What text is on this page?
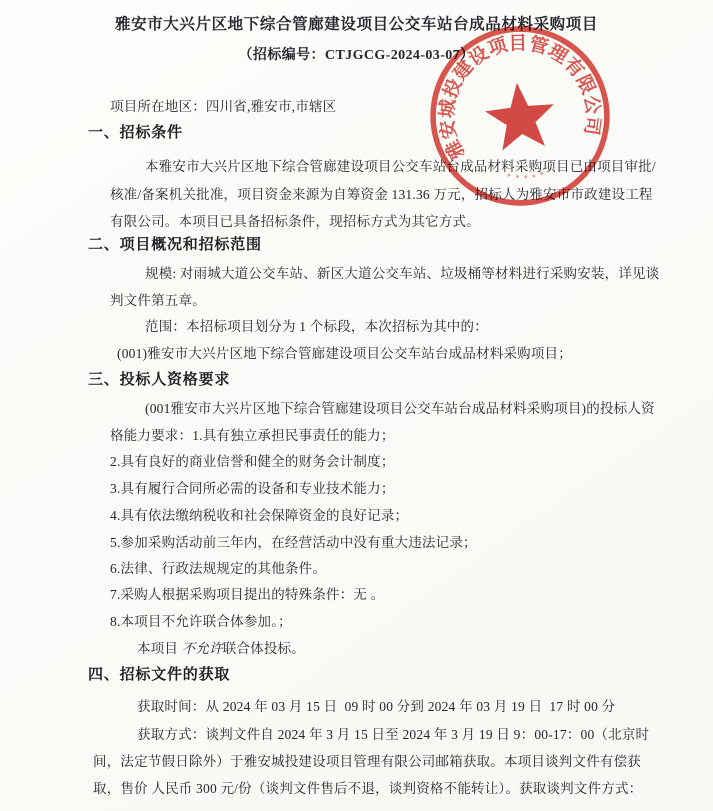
雅安市大兴片区地下综合管廊建设项目公交车站台成品材料采购项目
（招标编号：CTJGCG-2024-03-07）
项目所在地区：四川省,雅安市,市辖区
一、招标条件
本雅安市大兴片区地下综合管廊建设项目公交车站台成品材料采购项目已由项目审批/
核准/备案机关批准，项目资金来源为自筹资金 131.36 万元，招标人为雅安市市政建设工程
有限公司。本项目已具备招标条件，现招标方式为其它方式。
二、项目概况和招标范围
规模: 对雨城大道公交车站、新区大道公交车站、垃圾桶等材料进行采购安装，详见谈
判文件第五章。
范围：本招标项目划分为 1 个标段，本次招标为其中的：
(001)雅安市大兴片区地下综合管廊建设项目公交车站台成品材料采购项目；
三、投标人资格要求
(001雅安市大兴片区地下综合管廊建设项目公交车站台成品材料采购项目)的投标人资
格能力要求：1.具有独立承担民事责任的能力；
2.具有良好的商业信誉和健全的财务会计制度；
3.具有履行合同所必需的设备和专业技术能力；
4.具有依法缴纳税收和社会保障资金的良好记录；
5.参加采购活动前三年内，在经营活动中没有重大违法记录；
6.法律、行政法规规定的其他条件。
7.采购人根据采购项目提出的特殊条件：无 。
8.本项目不允许联合体参加。；
本项目 不允许联合体投标。
四、招标文件的获取
获取时间：从 2024 年 03 月 15 日  09 时 00 分到 2024 年 03 月 19 日  17 时 00 分
获取方式：谈判文件自 2024 年 3 月 15 日至 2024 年 3 月 19 日 9：00-17：00（北京时
间，法定节假日除外）于雅安城投建设项目管理有限公司邮箱获取。本项目谈判文件有偿获
取，售价 人民币 300 元/份（谈判文件售后不退，谈判资格不能转让）。获取谈判文件方式：
雅安城投建设项目管理有限公司
